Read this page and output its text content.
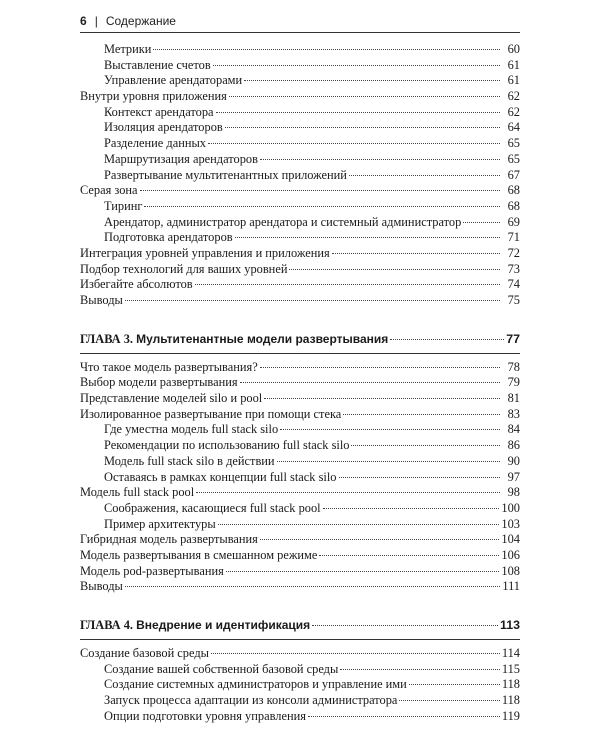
6 | Содержание
Метрики	60
Выставление счетов	61
Управление арендаторами	61
Внутри уровня приложения	62
Контекст арендатора	62
Изоляция арендаторов	64
Разделение данных	65
Маршрутизация арендаторов	65
Развертывание мультитенантных приложений	67
Серая зона	68
Тиринг	68
Арендатор, администратор арендатора и системный администратор	69
Подготовка арендаторов	71
Интеграция уровней управления и приложения	72
Подбор технологий для ваших уровней	73
Избегайте абсолютов	74
Выводы	75
ГЛАВА 3. Мультитенантные модели развертывания	77
Что такое модель развертывания?	78
Выбор модели развертывания	79
Представление моделей silo и pool	81
Изолированное развертывание при помощи стека	83
Где уместна модель full stack silo	84
Рекомендации по использованию full stack silo	86
Модель full stack silo в действии	90
Оставаясь в рамках концепции full stack silo	97
Модель full stack pool	98
Соображения, касающиеся full stack pool	100
Пример архитектуры	103
Гибридная модель развертывания	104
Модель развертывания в смешанном режиме	106
Модель pod-развертывания	108
Выводы	111
ГЛАВА 4. Внедрение и идентификация	113
Создание базовой среды	114
Создание вашей собственной базовой среды	115
Создание системных администраторов и управление ими	118
Запуск процесса адаптации из консоли администратора	118
Опции подготовки уровня управления	119
